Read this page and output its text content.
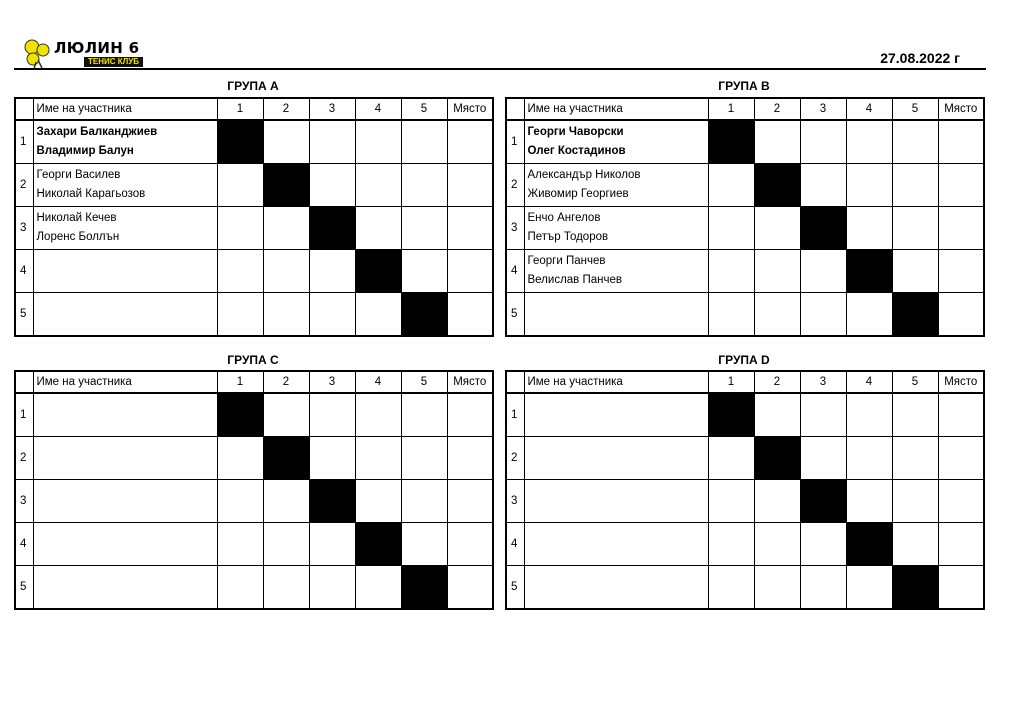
ЛЮЛИН 6
ТЕНИС КЛУБ	27.08.2022 г
ГРУПА А
	Име на участника	1	2	3	4	5	Място
1	Захари Балканджиев
Владимир Балун						

2	Георги Василев
Николай Карагьозов						

3	Николай Кечев
Лоренс Боллън						

4	

5	

ГРУПА B
	Име на участника	1	2	3	4	5	Място
1	Георги Чаворски
Олег Костадинов						

2	Александър Николов
Живомир Георгиев						

3	Енчо Ангелов
Петър Тодоров						

4	Георги Панчев
Велислав Панчев						

5	

ГРУПА C
	Име на участника	1	2	3	4	5	Място
1	

2	

3	

4	

5	

ГРУПА D
	Име на участника	1	2	3	4	5	Място
1	

2	

3	

4	

5	
